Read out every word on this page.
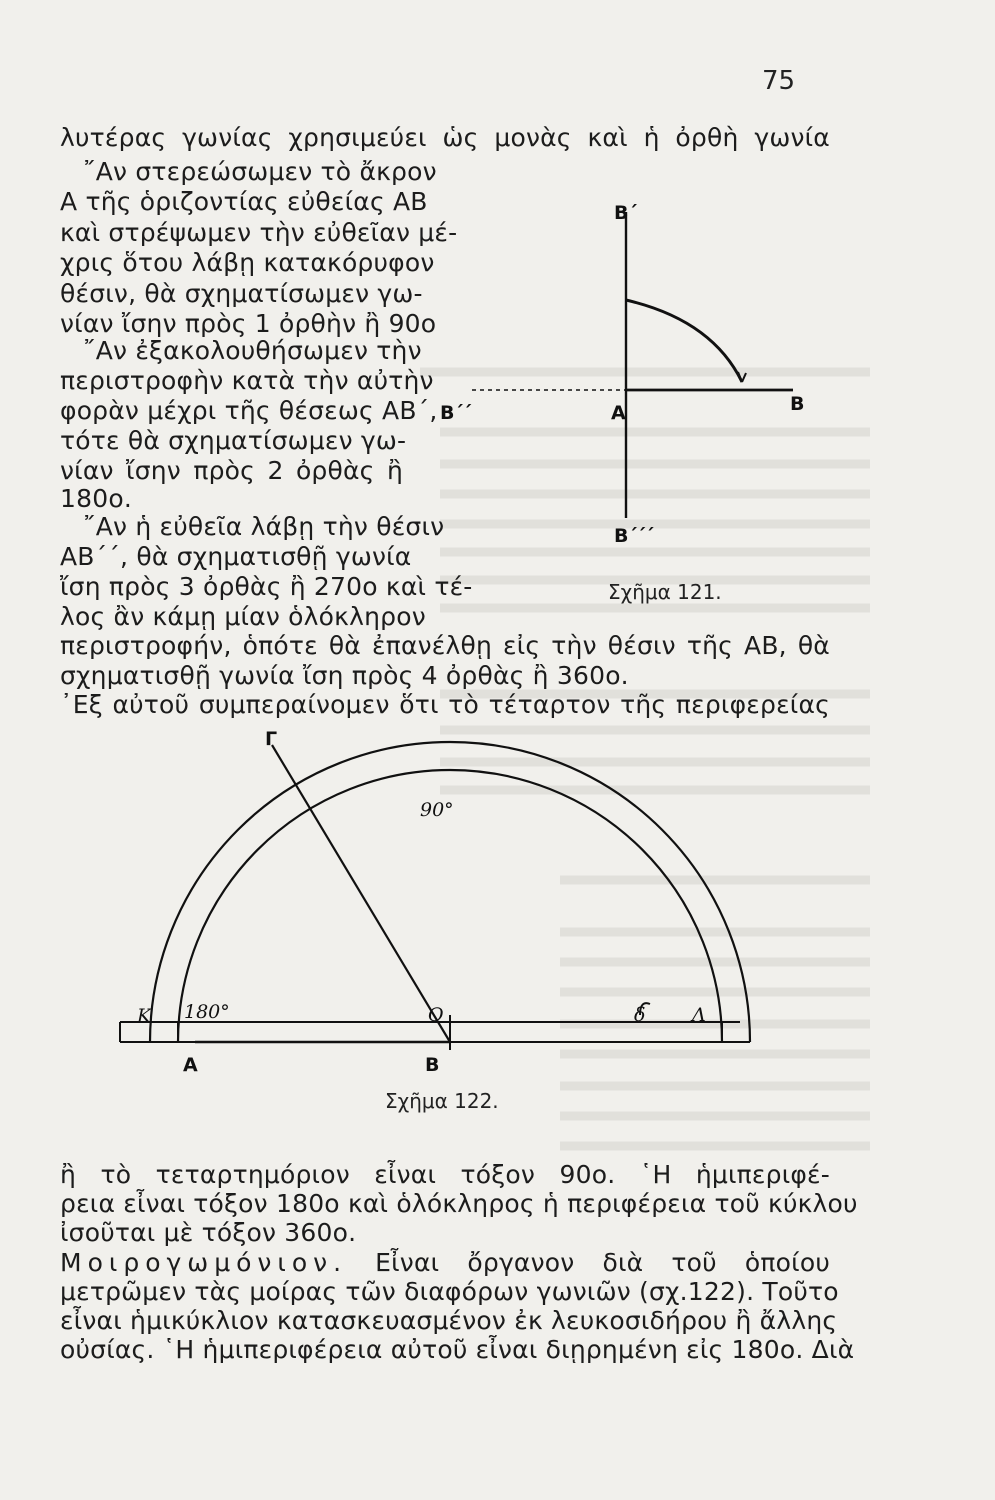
75
λυτέρας γωνίας χρησιμεύει ὡς μονὰς καὶ ἡ ὀρθὴ γωνία
῎Αν στερεώσωμεν τὸ ἄκρον
Α τῆς ὁριζοντίας εὐθείας ΑΒ
καὶ στρέψωμεν τὴν εὐθεῖαν μέ-
χρις ὅτου λάβῃ κατακόρυφον
θέσιν, θὰ σχηματίσωμεν γω-
νίαν ἴσην πρὸς 1 ὀρθὴν ἢ 90ο
῎Αν ἐξακολουθήσωμεν τὴν
περιστροφὴν κατὰ τὴν αὐτὴν
φορὰν μέχρι τῆς θέσεως ΑΒ΄,
τότε θὰ σχηματίσωμεν γω-
νίαν ἴσην πρὸς 2 ὀρθὰς ἢ
180ο.
῎Αν ἡ εὐθεῖα λάβῃ τὴν θέσιν
ΑΒ΄΄, θὰ σχηματισθῇ γωνία
ἴση πρὸς 3 ὀρθὰς ἢ 270ο καὶ τέ-
λος ἂν κάμῃ μίαν ὁλόκληρον
περιστροφήν, ὁπότε θὰ ἐπανέλθῃ εἰς τὴν θέσιν τῆς ΑΒ, θὰ
σχηματισθῇ γωνία ἴση πρὸς 4 ὀρθὰς ἢ 360ο.
᾿Εξ αὐτοῦ συμπεραίνομεν ὅτι τὸ τέταρτον τῆς περιφερείας
Β΄
Β
Α
Β΄΄
Β΄΄΄
Σχῆμα 121.
Γ
90°
Κ 180°	Ο	δ Λ
Α	Β
Σχῆμα 122.
ἢ τὸ τεταρτημόριον εἶναι τόξον 90ο. ῾Η ἡμιπεριφέ-
ρεια εἶναι τόξον 180ο καὶ ὁλόκληρος ἡ περιφέρεια τοῦ κύκλου
ἰσοῦται μὲ τόξον 360ο.
Μοιρογωμόνιον. Εἶναι ὄργανον διὰ τοῦ ὁποίου
μετρῶμεν τὰς μοίρας τῶν διαφόρων γωνιῶν (σχ.122). Τοῦτο
εἶναι ἡμικύκλιον κατασκευασμένον ἐκ λευκοσιδήρου ἢ ἄλλης
οὐσίας. ῾Η ἡμιπεριφέρεια αὐτοῦ εἶναι διῃρημένη εἰς 180ο. Διὰ
